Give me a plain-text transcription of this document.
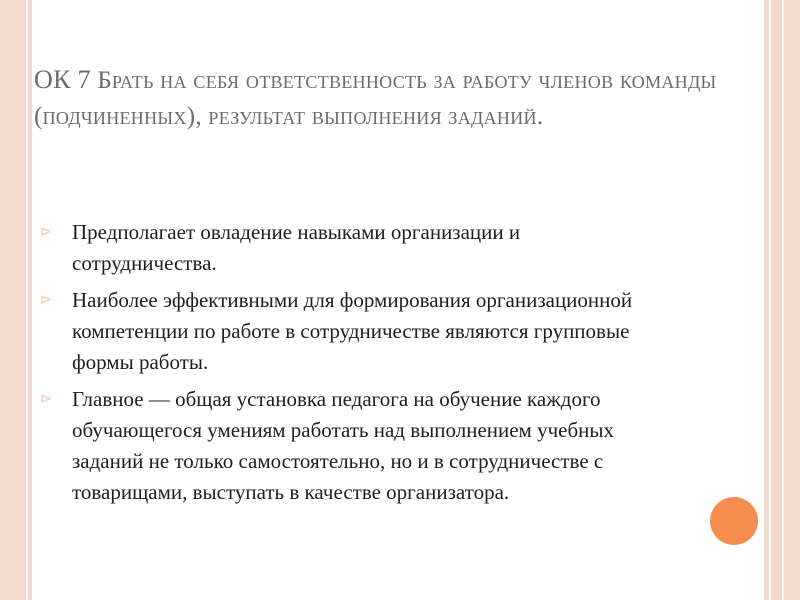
ОК 7 Брать на себя ответственность за работу членов команды (подчиненных), результат выполнения заданий.
⊳ Предполагает овладение навыками организации и сотрудничества.
⊳ Наиболее эффективными для формирования организационной компетенции по работе в сотрудничестве являются групповые формы работы.
⊳ Главное — общая установка педагога на обучение каждого обучающегося умениям работать над выполнением учебных заданий не только самостоятельно, но и в сотрудничестве с товарищами, выступать в качестве организатора.
